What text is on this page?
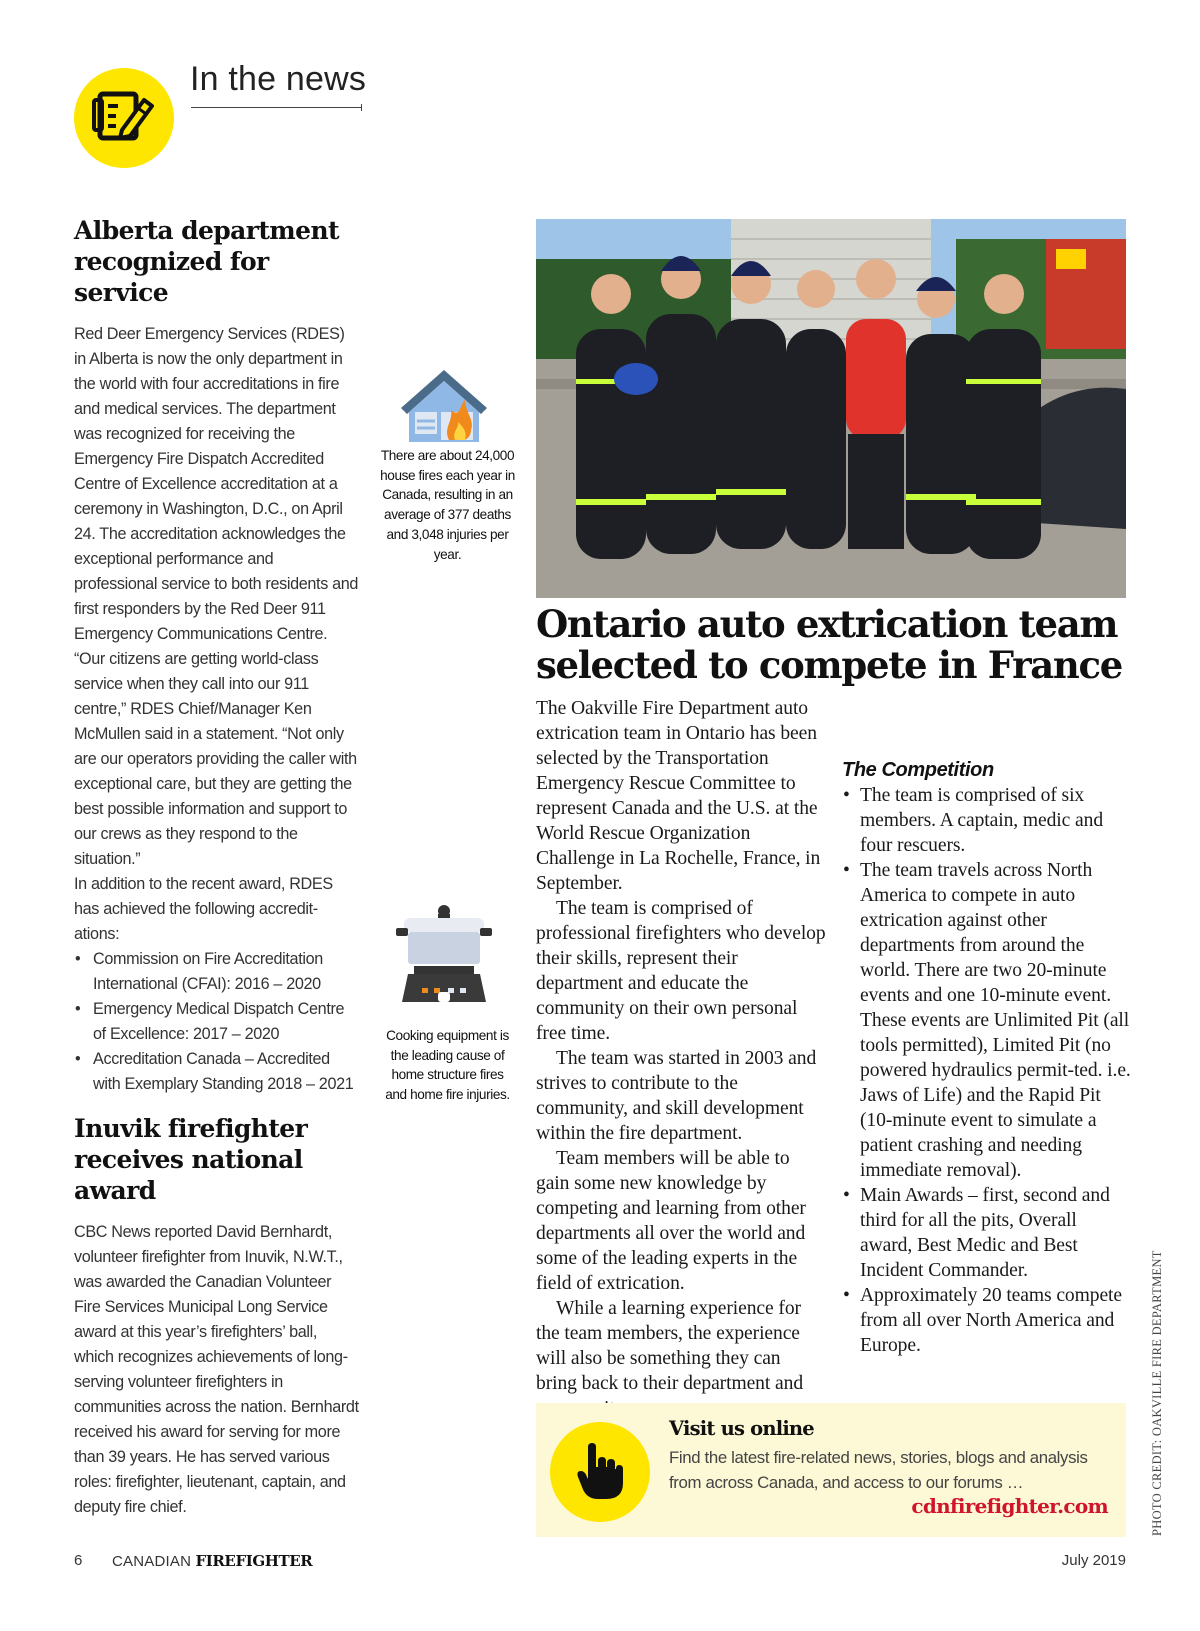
In the news
Alberta department recognized for service

Red Deer Emergency Services (RDES) in Alberta is now the only department in the world with four accreditations in fire and medical services. The department was recognized for receiving the Emergency Fire Dispatch Accredited Centre of Excellence accreditation at a ceremony in Washington, D.C., on April 24. The accreditation acknowledges the exceptional performance and professional service to both residents and first responders by the Red Deer 911 Emergency Communications Centre. “Our citizens are getting world-class service when they call into our 911 centre,” RDES Chief/Manager Ken McMullen said in a statement. “Not only are our operators providing the caller with exceptional care, but they are getting the best possible information and support to our crews as they respond to the situation.”

In addition to the recent award, RDES has achieved the following accredit-ations:

• Commission on Fire Accreditation International (CFAI): 2016 – 2020
• Emergency Medical Dispatch Centre of Excellence: 2017 – 2020
• Accreditation Canada – Accredited with Exemplary Standing 2018 – 2021
Inuvik firefighter receives national award
CBC News reported David Bernhardt, volunteer firefighter from Inuvik, N.W.T., was awarded the Canadian Volunteer Fire Services Municipal Long Service award at this year’s firefighters’ ball, which recognizes achievements of long-serving volunteer firefighters in communities across the nation. Bernhardt received his award for serving for more than 39 years. He has served various roles: firefighter, lieutenant, captain, and deputy fire chief.
There are about 24,000 house fires each year in Canada, resulting in an average of 377 deaths and 3,048 injuries per year.
Cooking equipment is the leading cause of home structure fires and home fire injuries.
Ontario auto extrication team selected to compete in France

The Oakville Fire Department auto extrication team in Ontario has been selected by the Transportation Emergency Rescue Committee to represent Canada and the U.S. at the World Rescue Organization Challenge in La Rochelle, France, in September.

The team is comprised of professional firefighters who develop their skills, represent their department and educate the community on their own personal free time.

The team was started in 2003 and strives to contribute to the community, and skill development within the fire department.

Team members will be able to gain some new knowledge by competing and learning from other departments all over the world and some of the leading experts in the field of extrication.

While a learning experience for the team members, the experience will also be something they can bring back to their department and

The Competition
• The team is comprised of six members. A captain, medic and four rescuers.
• The team travels across North America to compete in auto extrication against other departments from around the world. There are two 20-minute events and one 10-minute event. These events are Unlimited Pit (all tools permitted), Limited Pit (no powered hydraulics permit-ted. i.e. Jaws of Life) and the Rapid Pit (10-minute event to simulate a patient crashing and needing immediate removal).
• Main Awards – first, second and third for all the pits, Overall award, Best Medic and Best Incident Commander.
• Approximately 20 teams compete from all over North America and Europe.
Visit us online
Find the latest fire-related news, stories, blogs and analysis from across Canada, and access to our forums …
cdnfirefighter.com	PHOTO CREDIT: OAKVILLE FIRE DEPARTMENT
6 CANADIAN FIREFIGHTER	July 2019
